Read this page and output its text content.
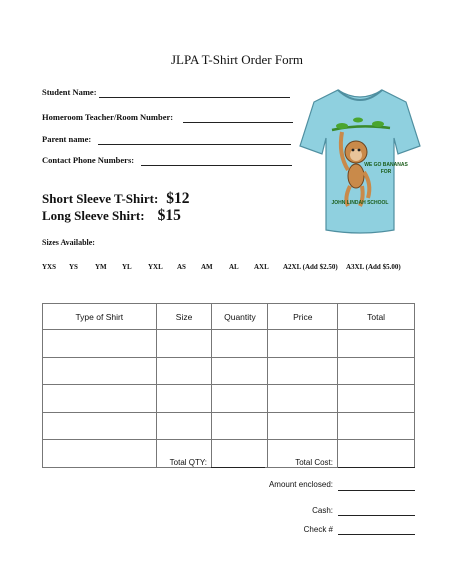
JLPA T-Shirt Order Form
Student Name:
Homeroom Teacher/Room Number:
Parent name:
Contact Phone Numbers:
Short Sleeve T-Shirt: $12
Long Sleeve Shirt: $15
Sizes Available:
YXS YS YM YL YXL AS AM AL AXL A2XL (Add $2.50) A3XL (Add $5.00)
WE GO BANANAS
FOR
JOHN LINDAH SCHOOL
Type of Shirt	Size	Quantity	Price	Total

Total QTY:	Total Cost:
Amount enclosed:
Cash:
Check #
